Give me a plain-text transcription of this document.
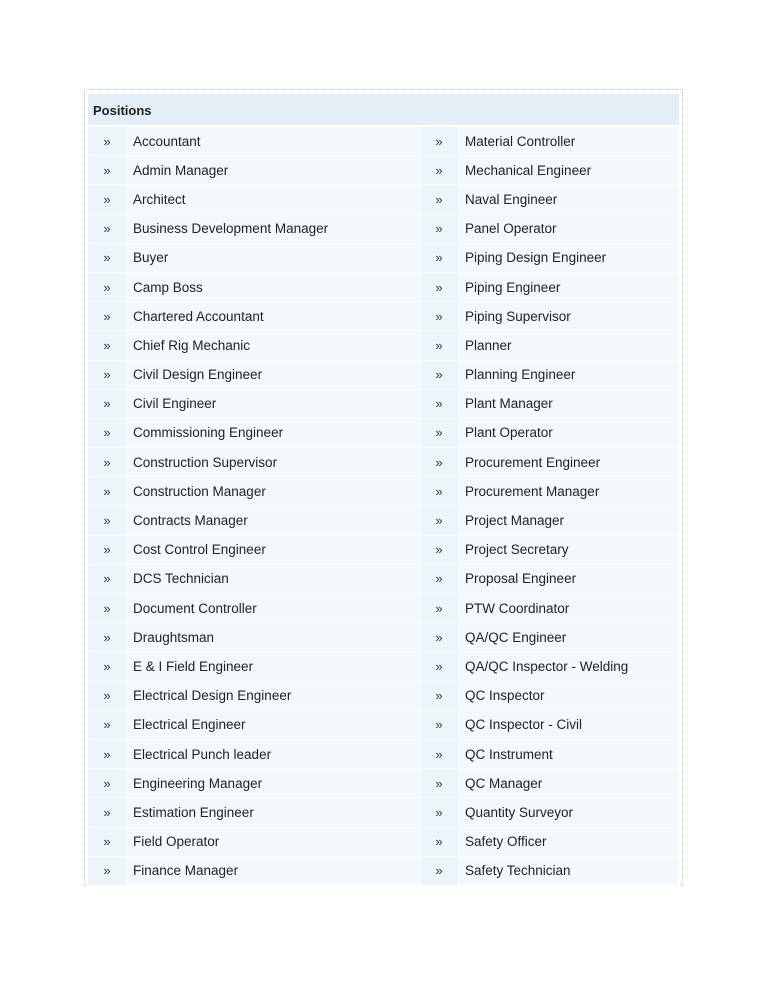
Positions
»	Accountant	»	Material Controller
»	Admin Manager	»	Mechanical Engineer
»	Architect	»	Naval Engineer
»	Business Development Manager	»	Panel Operator
»	Buyer	»	Piping Design Engineer
»	Camp Boss	»	Piping Engineer
»	Chartered Accountant	»	Piping Supervisor
»	Chief Rig Mechanic	»	Planner
»	Civil Design Engineer	»	Planning Engineer
»	Civil Engineer	»	Plant Manager
»	Commissioning Engineer	»	Plant Operator
»	Construction Supervisor	»	Procurement Engineer
»	Construction Manager	»	Procurement Manager
»	Contracts Manager	»	Project Manager
»	Cost Control Engineer	»	Project Secretary
»	DCS Technician	»	Proposal Engineer
»	Document Controller	»	PTW Coordinator
»	Draughtsman	»	QA/QC Engineer
»	E & I Field Engineer	»	QA/QC Inspector - Welding
»	Electrical Design Engineer	»	QC Inspector
»	Electrical Engineer	»	QC Inspector - Civil
»	Electrical Punch leader	»	QC Instrument
»	Engineering Manager	»	QC Manager
»	Estimation Engineer	»	Quantity Surveyor
»	Field Operator	»	Safety Officer
»	Finance Manager	»	Safety Technician
